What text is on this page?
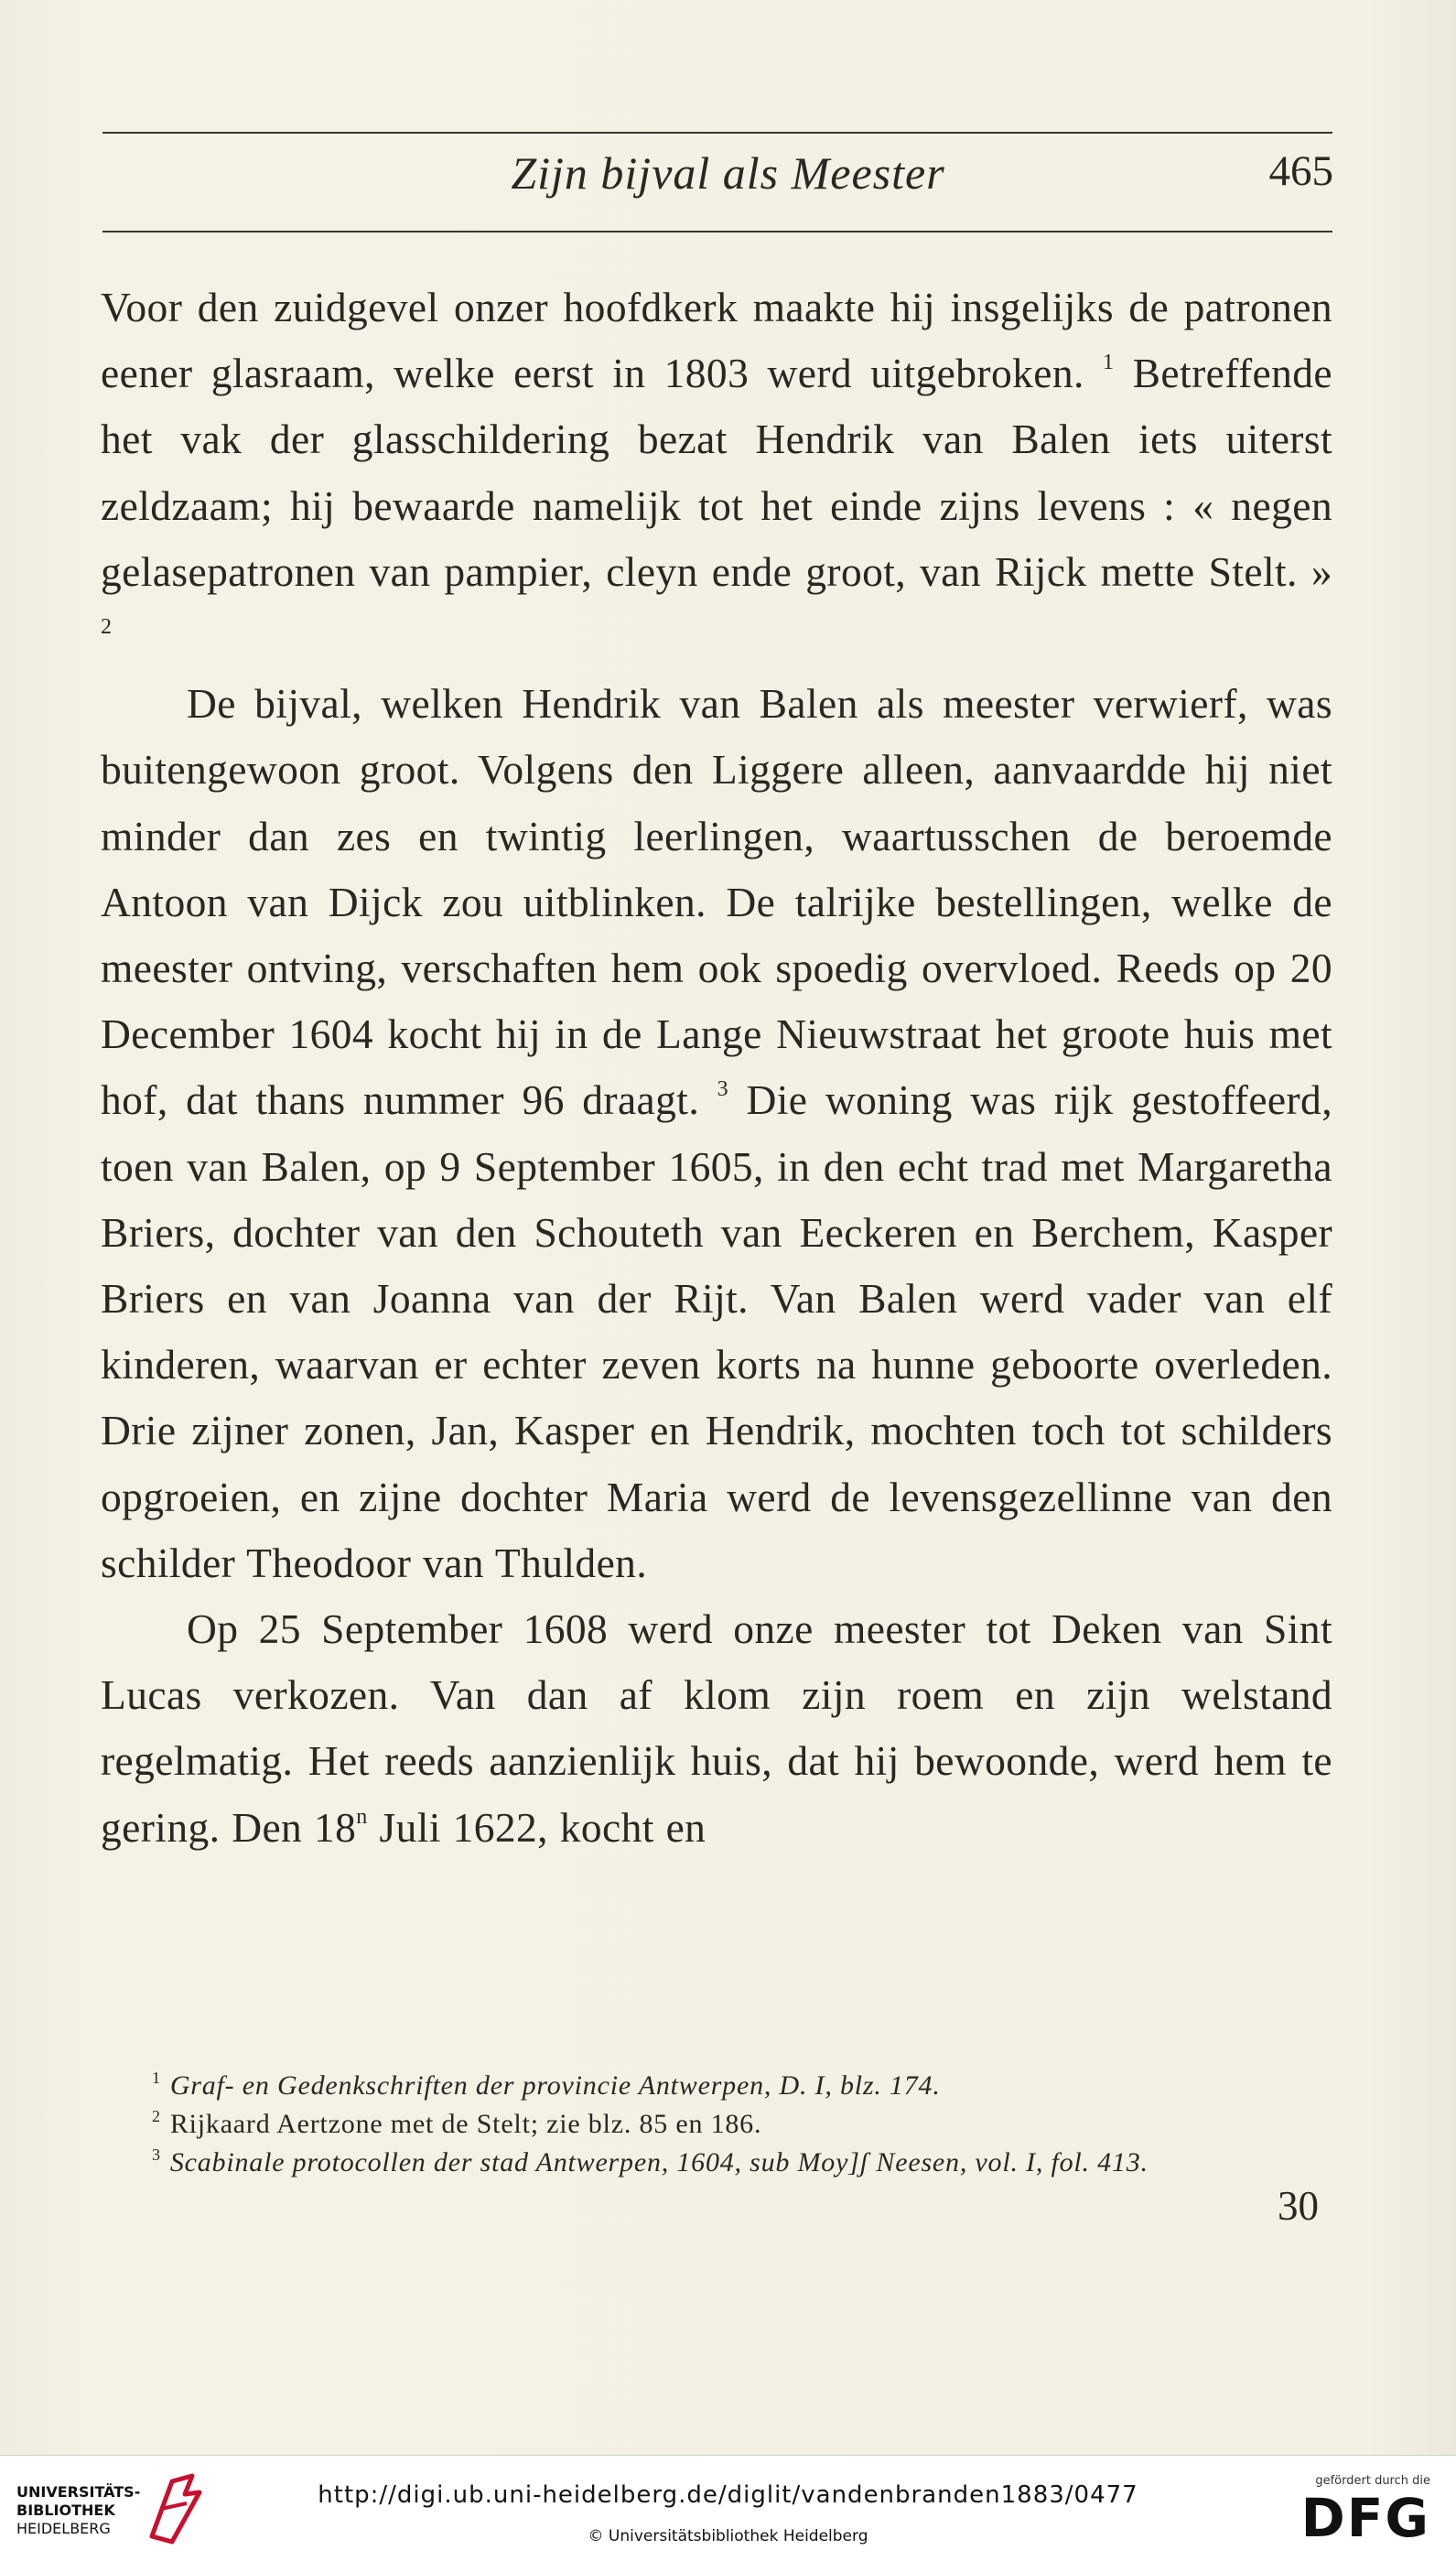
Zijn bijval als Meester	465

Voor den zuidgevel onzer hoofdkerk maakte hij insgelijks de patronen eener glasraam, welke eerst in 1803 werd uitgebroken. $^1$ Betreffende het vak der glasschildering bezat Hendrik van Balen iets uiterst zeldzaam; hij bewaarde namelijk tot het einde zijns levens : « negen gelasepatronen van pampier, cleyn ende groot, van Rijck mette Stelt. » $^2$

De bijval, welken Hendrik van Balen als meester verwierf, was buitengewoon groot. Volgens den Liggere alleen, aanvaardde hij niet minder dan zes en twintig leerlingen, waartusschen de beroemde Antoon van Dijck zou uitblinken. De talrijke bestellingen, welke de meester ontving, verschaften hem ook spoedig overvloed. Reeds op 20 December 1604 kocht hij in de Lange Nieuwstraat het groote huis met hof, dat thans nummer 96 draagt. $^3$ Die woning was rijk gestoffeerd, toen van Balen, op 9 September 1605, in den echt trad met Margaretha Briers, dochter van den Schouteth van Eeckeren en Berchem, Kasper Briers en van Joanna van der Rijt. Van Balen werd vader van elf kinderen, waarvan er echter zeven korts na hunne geboorte overleden. Drie zijner zonen, Jan, Kasper en Hendrik, mochten toch tot schilders opgroeien, en zijne dochter Maria werd de levensgezellinne van den schilder Theodoor van Thulden.

Op 25 September 1608 werd onze meester tot Deken van Sint Lucas verkozen. Van dan af klom zijn roem en zijn welstand regelmatig. Het reeds aanzienlijk huis, dat hij bewoonde, werd hem te gering. Den 18$^n$ Juli 1622, kocht en

$^1$ Graf- en Gedenkschriften der provincie Antwerpen, D. I, blz. 174.

$^2$ Rijkaard Aertzone met de Stelt; zie blz. 85 en 186.

$^3$ Scabinale protocollen der stad Antwerpen, 1604, sub Moy]ʃ Neesen, vol. I, fol. 413.

30
UNIVERSITÄTS-
BIBLIOTHEK
HEIDELBERG
http://digi.ub.uni-heidelberg.de/diglit/vandenbranden1883/0477
© Universitätsbibliothek Heidelberg
gefördert durch die
DFG
